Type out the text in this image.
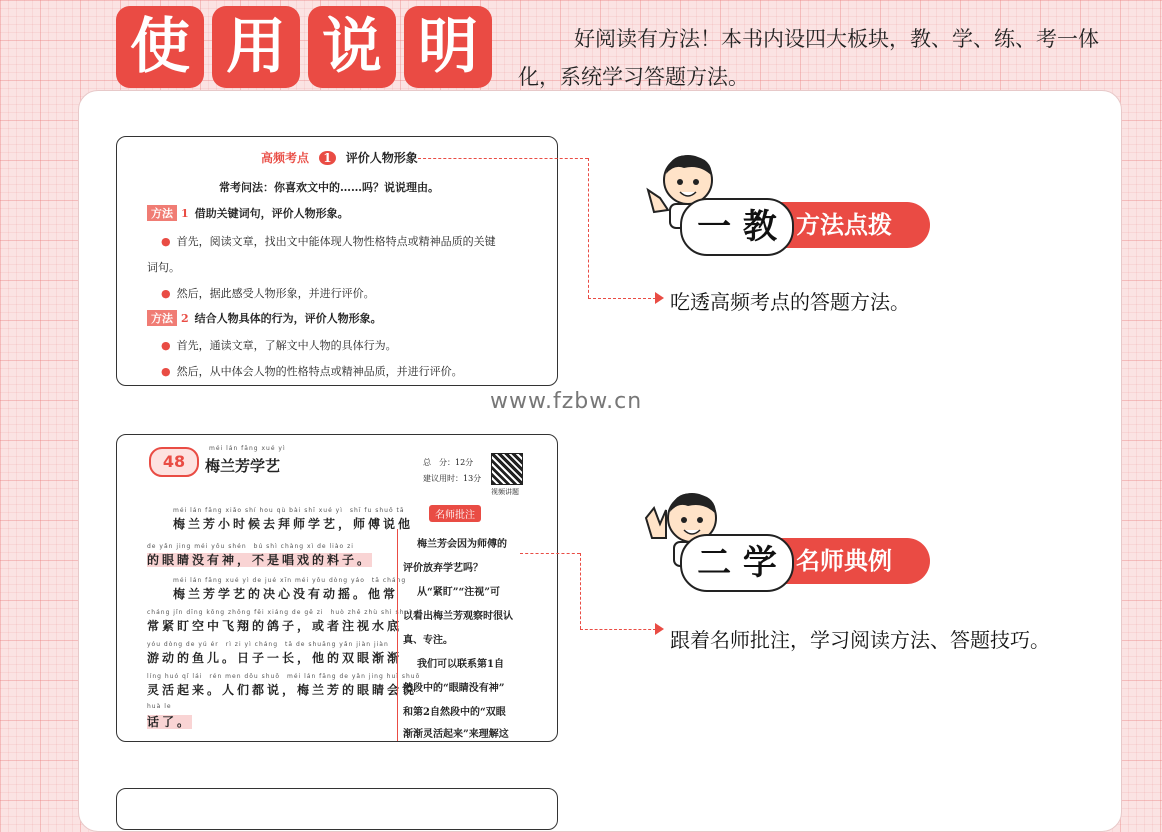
使 用 说 明	好阅读有方法！本书内设四大板块，教、学、练、考一体化，系统学习答题方法。
高频考点 1 评价人物形象
常考问法：你喜欢文中的……吗？说说理由。
方法 1 借助关键词句，评价人物形象。
● 首先，阅读文章，找出文中能体现人物性格特点或精神品质的关键
词句。
● 然后，据此感受人物形象，并进行评价。
方法 2 结合人物具体的行为，评价人物形象。
● 首先，通读文章，了解文中人物的具体行为。
● 然后，从中体会人物的性格特点或精神品质，并进行评价。
方法点拨
一 教
吃透高频考点的答题方法。
www.fzbw.cn
48
méi lán fāng xué yì
梅兰芳学艺	总　分：12分
建议用时：13分
视频讲题
名师批注
méi lán fāng xiǎo shí hou qù bài shī xué yì　shī fu shuō tā
梅兰芳小时候去拜师学艺，师傅说他
de yǎn jing méi yǒu shén　bú shì chàng xì de liào zi
的眼睛没有神，不是唱戏的料子。
méi lán fāng xué yì de jué xīn méi yǒu dòng yáo　tā cháng
梅兰芳学艺的决心没有动摇。他常
cháng jǐn dīng kōng zhōng fēi xiáng de gē zi　huò zhě zhù shì shuǐ dǐ
常紧盯空中飞翔的鸽子，或者注视水底
yóu dòng de yú ér　rì zi yì cháng　tā de shuāng yǎn jiàn jiàn
游动的鱼儿。日子一长，他的双眼渐渐
líng huó qǐ lái　rén men dōu shuō　méi lán fāng de yǎn jing huì shuō
灵活起来。人们都说，梅兰芳的眼睛会说
huà le
话了。
梅兰芳会因为师傅的
评价放弃学艺吗？
从“紧盯”“注视”可
以看出梅兰芳观察时很认
真、专注。
我们可以联系第1自
然段中的“眼睛没有神”
和第2自然段中的“双眼
渐渐灵活起来”来理解这
名师典例
二 学
跟着名师批注，学习阅读方法、答题技巧。
